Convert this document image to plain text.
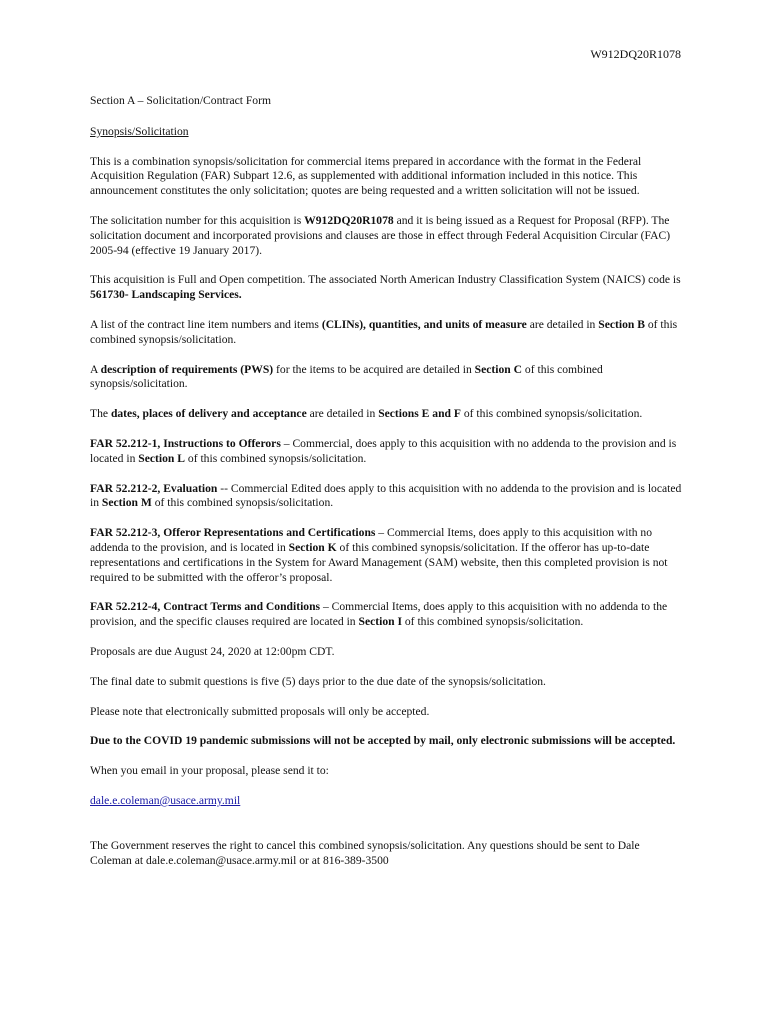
W912DQ20R1078

Section A – Solicitation/Contract Form

Synopsis/Solicitation

This is a combination synopsis/solicitation for commercial items prepared in accordance with the format in the Federal Acquisition Regulation (FAR) Subpart 12.6, as supplemented with additional information included in this notice. This announcement constitutes the only solicitation; quotes are being requested and a written solicitation will not be issued.

The solicitation number for this acquisition is W912DQ20R1078 and it is being issued as a Request for Proposal (RFP). The solicitation document and incorporated provisions and clauses are those in effect through Federal Acquisition Circular (FAC) 2005-94 (effective 19 January 2017).

This acquisition is Full and Open competition. The associated North American Industry Classification System (NAICS) code is 561730- Landscaping Services.

A list of the contract line item numbers and items (CLINs), quantities, and units of measure are detailed in Section B of this combined synopsis/solicitation.

A description of requirements (PWS) for the items to be acquired are detailed in Section C of this combined synopsis/solicitation.

The dates, places of delivery and acceptance are detailed in Sections E and F of this combined synopsis/solicitation.

FAR 52.212-1, Instructions to Offerors – Commercial, does apply to this acquisition with no addenda to the provision and is located in Section L of this combined synopsis/solicitation.

FAR 52.212-2, Evaluation -- Commercial Edited does apply to this acquisition with no addenda to the provision and is located in Section M of this combined synopsis/solicitation.

FAR 52.212-3, Offeror Representations and Certifications – Commercial Items, does apply to this acquisition with no addenda to the provision, and is located in Section K of this combined synopsis/solicitation. If the offeror has up-to-date representations and certifications in the System for Award Management (SAM) website, then this completed provision is not required to be submitted with the offeror’s proposal.

FAR 52.212-4, Contract Terms and Conditions – Commercial Items, does apply to this acquisition with no addenda to the provision, and the specific clauses required are located in Section I of this combined synopsis/solicitation.

Proposals are due August 24, 2020 at 12:00pm CDT.

The final date to submit questions is five (5) days prior to the due date of the synopsis/solicitation.

Please note that electronically submitted proposals will only be accepted.

Due to the COVID 19 pandemic submissions will not be accepted by mail, only electronic submissions will be accepted.

When you email in your proposal, please send it to:

dale.e.coleman@usace.army.mil

The Government reserves the right to cancel this combined synopsis/solicitation. Any questions should be sent to Dale Coleman at dale.e.coleman@usace.army.mil or at 816-389-3500
